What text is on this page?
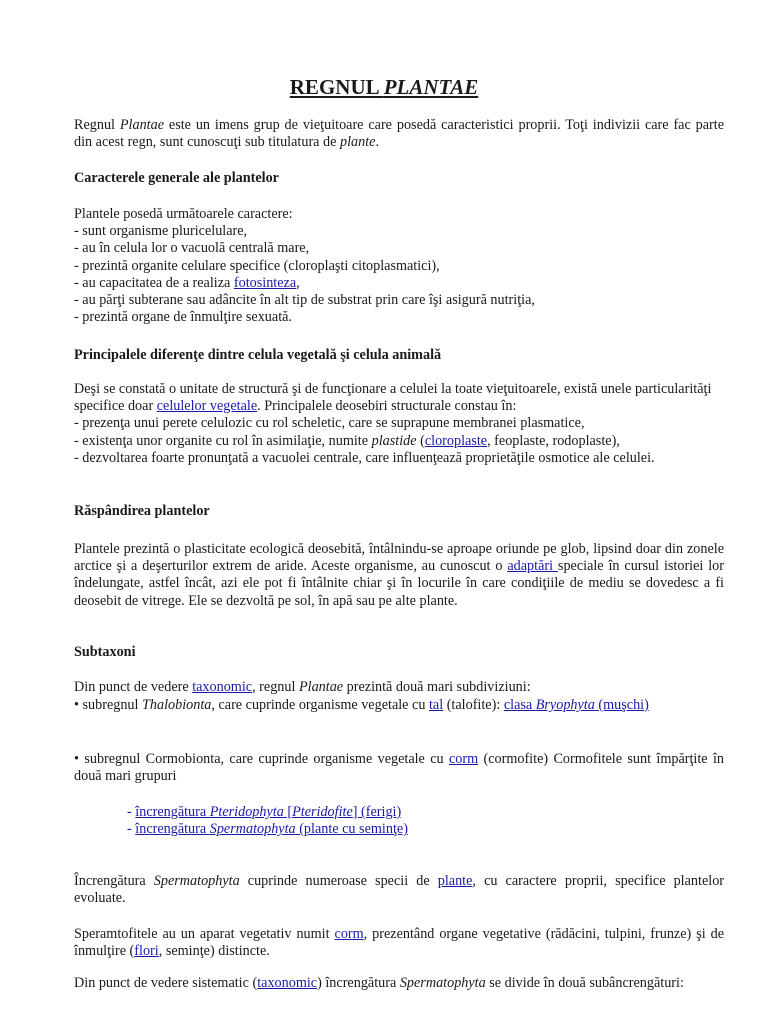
REGNUL PLANTAE

Regnul Plantae este un imens grup de vieţuitoare care posedă caracteristici proprii. Toţi indivizii care fac parte din acest regn, sunt cunoscuţi sub titulatura de plante.

Caracterele generale ale plantelor

Plantele posedă următoarele caractere:
- sunt organisme pluricelulare,
- au în celula lor o vacuolă centrală mare,
- prezintă organite celulare specifice (cloroplaşti citoplasmatici),
- au capacitatea de a realiza fotosinteza,
- au părţi subterane sau adâncite în alt tip de substrat prin care îşi asigură nutriţia,
- prezintă organe de înmulţire sexuată.

Principalele diferenţe dintre celula vegetală şi celula animală

Deşi se constată o unitate de structură şi de funcţionare a celulei la toate vieţuitoarele, există unele particularităţi specifice doar celulelor vegetale. Principalele deosebiri structurale constau în:
- prezenţa unui perete celulozic cu rol scheletic, care se suprapune membranei plasmatice,
- existenţa unor organite cu rol în asimilaţie, numite plastide (cloroplaste, feoplaste, rodoplaste),
- dezvoltarea foarte pronunţată a vacuolei centrale, care influenţează proprietăţile osmotice ale celulei.

Răspândirea plantelor

Plantele prezintă o plasticitate ecologică deosebită, întâlnindu-se aproape oriunde pe glob, lipsind doar din zonele arctice şi a deşerturilor extrem de aride. Aceste organisme, au cunoscut o adaptări speciale în cursul istoriei lor îndelungate, astfel încât, azi ele pot fi întâlnite chiar şi în locurile în care condiţiile de mediu se dovedesc a fi deosebit de vitrege. Ele se dezvoltă pe sol, în apă sau pe alte plante.

Subtaxoni

Din punct de vedere taxonomic, regnul Plantae prezintă două mari subdiviziuni:

• subregnul Thalobionta, care cuprinde organisme vegetale cu tal (talofite): clasa Bryophyta (muşchi)

• subregnul Cormobionta, care cuprinde organisme vegetale cu corm (cormofite) Cormofitele sunt împărţite în două mari grupuri

- încrengătura Pteridophyta [Pteridofite] (ferigi)
- încrengătura Spermatophyta (plante cu seminţe)

Încrengătura Spermatophyta cuprinde numeroase specii de plante, cu caractere proprii, specifice plantelor evoluate.

Speramtofitele au un aparat vegetativ numit corm, prezentând organe vegetative (rădăcini, tulpini, frunze) şi de înmulţire (flori, seminţe) distincte.

Din punct de vedere sistematic (taxonomic) încrengătura Spermatophyta se divide în două subâncrengături:
